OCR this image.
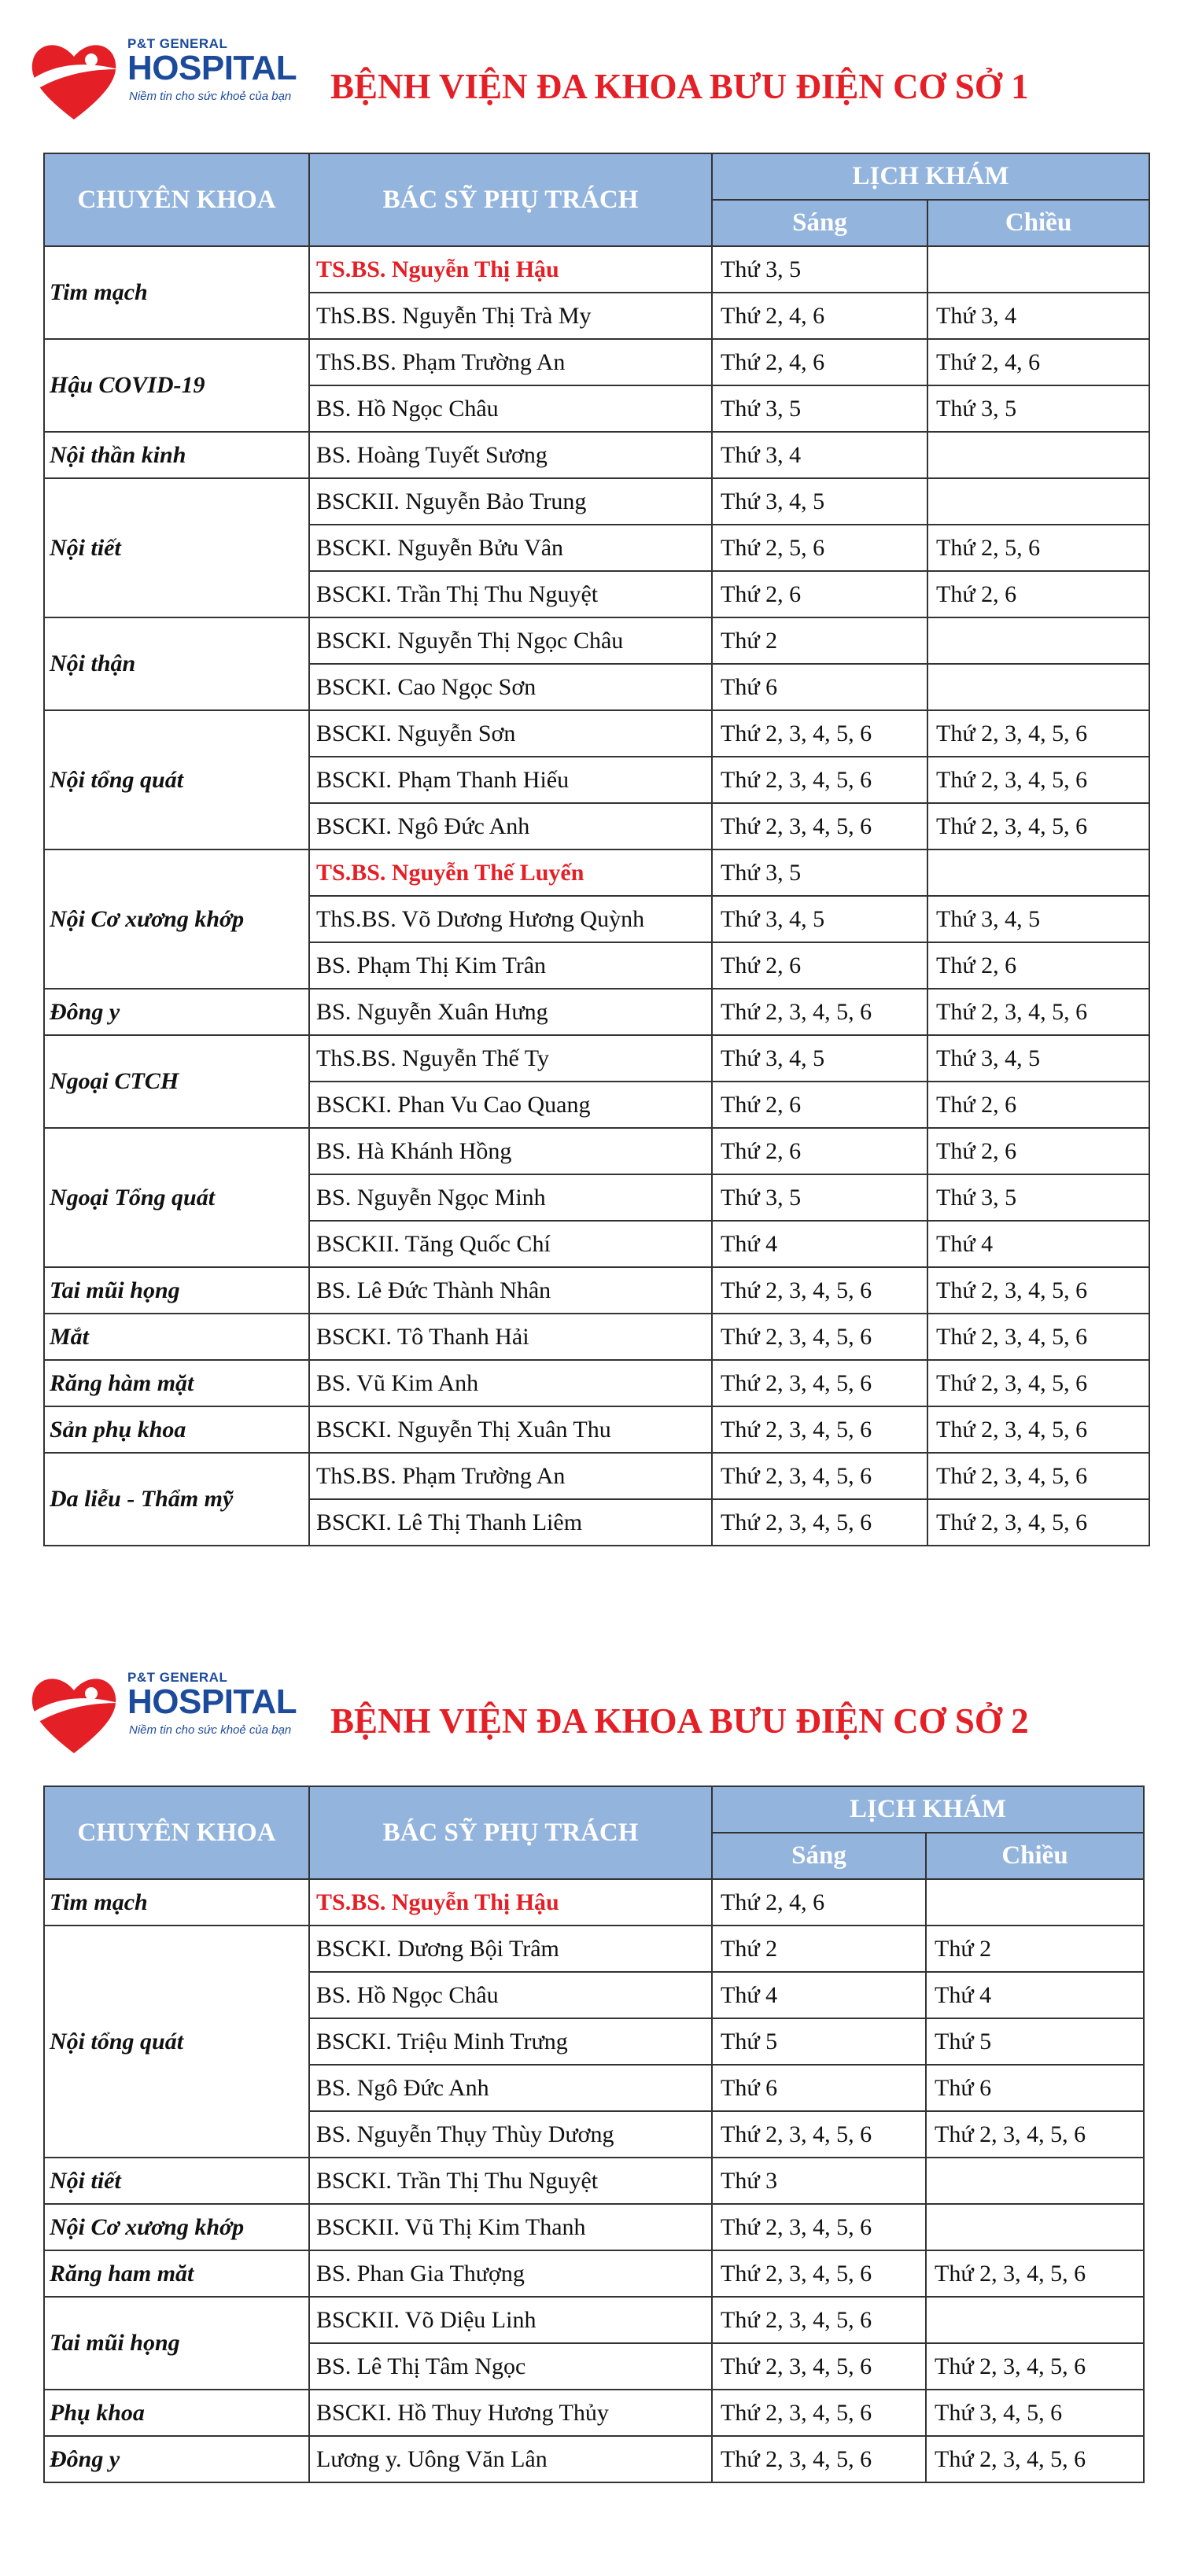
P&T GENERAL
HOSPITAL
Niềm tin cho sức khoẻ của bạn BỆNH VIỆN ĐA KHOA BƯU ĐIỆN CƠ SỞ 1
CHUYÊN KHOA	BÁC SỸ PHỤ TRÁCH	LỊCH KHÁM	
		Sáng	Chiều
Tim mạch	TS.BS. Nguyễn Thị Hậu	Thứ 3, 5	
	ThS.BS. Nguyễn Thị Trà My	Thứ 2, 4, 6	Thứ 3, 4
Hậu COVID-19	ThS.BS. Phạm Trường An	Thứ 2, 4, 6	Thứ 2, 4, 6
	BS. Hồ Ngọc Châu	Thứ 3, 5	Thứ 3, 5
Nội thần kinh	BS. Hoàng Tuyết Sương	Thứ 3, 4	
Nội tiết	BSCKII. Nguyễn Bảo Trung	Thứ 3, 4, 5	
	BSCKI. Nguyễn Bửu Vân	Thứ 2, 5, 6	Thứ 2, 5, 6
	BSCKI. Trần Thị Thu Nguyệt	Thứ 2, 6	Thứ 2, 6
Nội thận	BSCKI. Nguyễn Thị Ngọc Châu	Thứ 2	
	BSCKI. Cao Ngọc Sơn	Thứ 6	
Nội tổng quát	BSCKI. Nguyễn Sơn	Thứ 2, 3, 4, 5, 6	Thứ 2, 3, 4, 5, 6
	BSCKI. Phạm Thanh Hiếu	Thứ 2, 3, 4, 5, 6	Thứ 2, 3, 4, 5, 6
	BSCKI. Ngô Đức Anh	Thứ 2, 3, 4, 5, 6	Thứ 2, 3, 4, 5, 6
Nội Cơ xương khớp	TS.BS. Nguyễn Thế Luyến	Thứ 3, 5	
	ThS.BS. Võ Dương Hương Quỳnh	Thứ 3, 4, 5	Thứ 3, 4, 5
	BS. Phạm Thị Kim Trân	Thứ 2, 6	Thứ 2, 6
Đông y	BS. Nguyễn Xuân Hưng	Thứ 2, 3, 4, 5, 6	Thứ 2, 3, 4, 5, 6
Ngoại CTCH	ThS.BS. Nguyễn Thế Ty	Thứ 3, 4, 5	Thứ 3, 4, 5
	BSCKI. Phan Vu Cao Quang	Thứ 2, 6	Thứ 2, 6
Ngoại Tổng quát	BS. Hà Khánh Hồng	Thứ 2, 6	Thứ 2, 6
	BS. Nguyễn Ngọc Minh	Thứ 3, 5	Thứ 3, 5
	BSCKII. Tăng Quốc Chí	Thứ 4	Thứ 4
Tai mũi họng	BS. Lê Đức Thành Nhân	Thứ 2, 3, 4, 5, 6	Thứ 2, 3, 4, 5, 6
Mắt	BSCKI. Tô Thanh Hải	Thứ 2, 3, 4, 5, 6	Thứ 2, 3, 4, 5, 6
Răng hàm mặt	BS. Vũ Kim Anh	Thứ 2, 3, 4, 5, 6	Thứ 2, 3, 4, 5, 6
Sản phụ khoa	BSCKI. Nguyễn Thị Xuân Thu	Thứ 2, 3, 4, 5, 6	Thứ 2, 3, 4, 5, 6
Da liễu - Thẩm mỹ	ThS.BS. Phạm Trường An	Thứ 2, 3, 4, 5, 6	Thứ 2, 3, 4, 5, 6
	BSCKI. Lê Thị Thanh Liêm	Thứ 2, 3, 4, 5, 6	Thứ 2, 3, 4, 5, 6
P&T GENERAL
HOSPITAL
Niềm tin cho sức khoẻ của bạn BỆNH VIỆN ĐA KHOA BƯU ĐIỆN CƠ SỞ 2
CHUYÊN KHOA	BÁC SỸ PHỤ TRÁCH	LỊCH KHÁM	
		Sáng	Chiều
Tim mạch	TS.BS. Nguyễn Thị Hậu	Thứ 2, 4, 6	
Nội tổng quát	BSCKI. Dương Bội Trâm	Thứ 2	Thứ 2
	BS. Hồ Ngọc Châu	Thứ 4	Thứ 4
	BSCKI. Triệu Minh Trưng	Thứ 5	Thứ 5
	BS. Ngô Đức Anh	Thứ 6	Thứ 6
	BS. Nguyễn Thụy Thùy Dương	Thứ 2, 3, 4, 5, 6	Thứ 2, 3, 4, 5, 6
Nội tiết	BSCKI. Trần Thị Thu Nguyệt	Thứ 3	
Nội Cơ xương khớp	BSCKII. Vũ Thị Kim Thanh	Thứ 2, 3, 4, 5, 6	
Răng ham măt	BS. Phan Gia Thượng	Thứ 2, 3, 4, 5, 6	Thứ 2, 3, 4, 5, 6
Tai mũi họng	BSCKII. Võ Diệu Linh	Thứ 2, 3, 4, 5, 6	
	BS. Lê Thị Tâm Ngọc	Thứ 2, 3, 4, 5, 6	Thứ 2, 3, 4, 5, 6
Phụ khoa	BSCKI. Hồ Thuy Hương Thủy	Thứ 2, 3, 4, 5, 6	Thứ 3, 4, 5, 6
Đông y	Lương y. Uông Văn Lân	Thứ 2, 3, 4, 5, 6	Thứ 2, 3, 4, 5, 6
